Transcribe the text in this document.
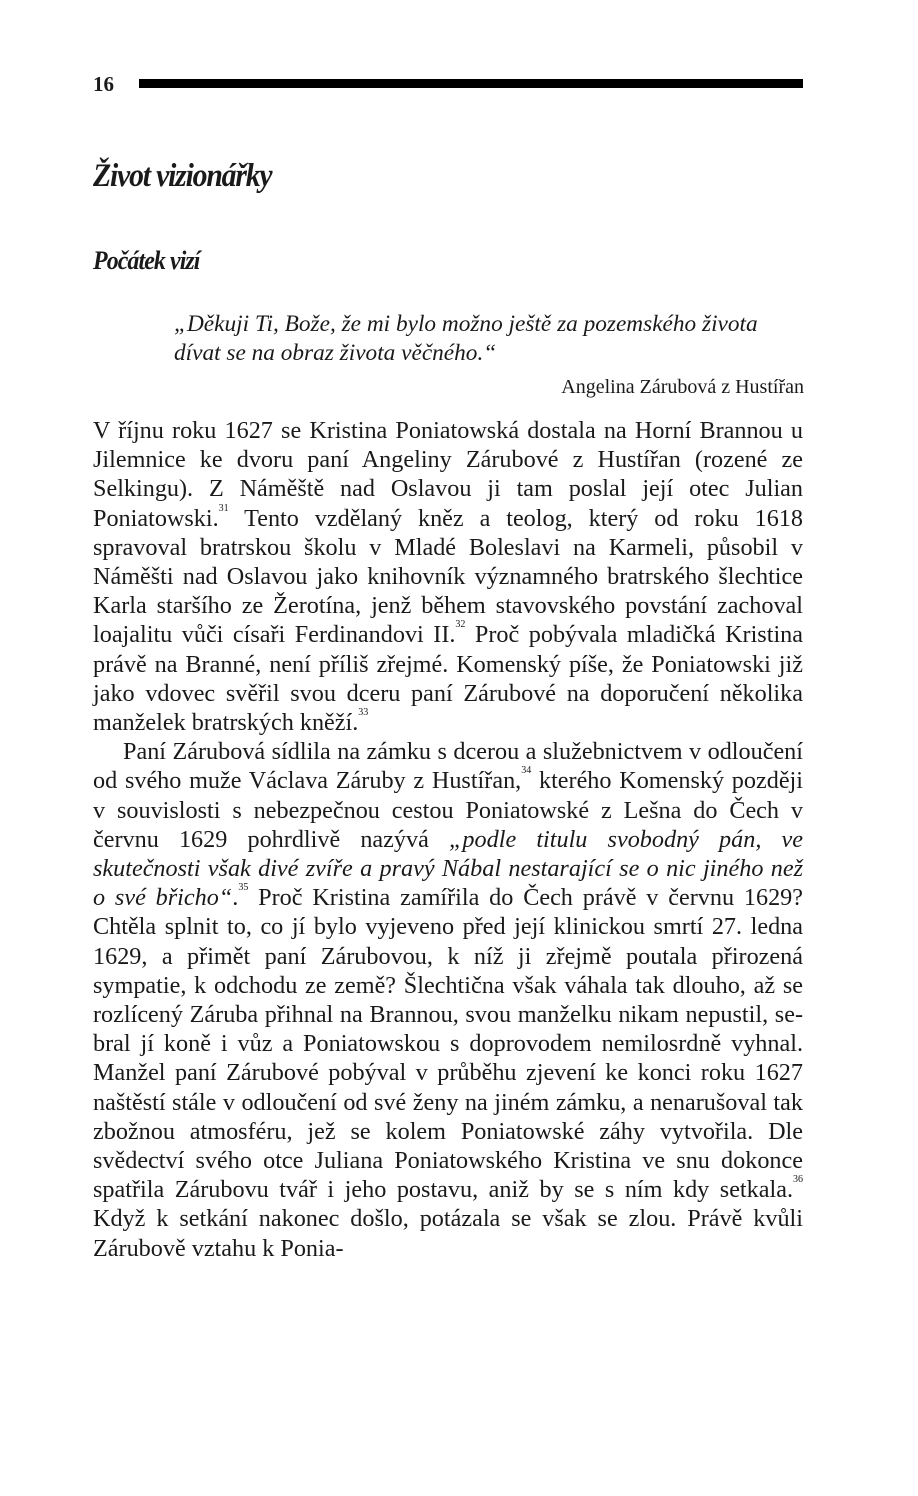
16
Život vizionářky
Počátek vizí

„Děkuji Ti, Bože, že mi bylo možno ještě za pozemského života dívat se na obraz života věčného.“

Angelina Zárubová z Hustířan

V říjnu roku 1627 se Kristina Poniatowská dostala na Horní Brannou u Jilemnice ke dvoru paní Angeliny Zárubové z Hustířan (rozené ze Selkingu). Z Náměště nad Oslavou ji tam poslal její otec Julian Poniatowski.$^{31}$ Tento vzdělaný kněz a teolog, který od roku 1618 spravoval bratrskou školu v Mladé Boleslavi na Karmeli, působil v Náměšti nad Oslavou jako knihovník významného bratrského šlechtice Karla staršího ze Žerotína, jenž během stavovského povstání zachoval loajalitu vůči císaři Ferdinandovi II.$^{32}$ Proč pobývala mladičká Kristina právě na Branné, není příliš zřejmé. Komenský píše, že Poniatowski již jako vdovec svěřil svou dceru paní Zárubové na doporučení několika manželek bratrských kněží.$^{33}$

Paní Zárubová sídlila na zámku s dcerou a služebnictvem v odloučení od svého muže Václava Záruby z Hustířan,$^{34}$ kterého Komenský později v souvislosti s nebezpečnou cestou Poniatowské z Lešna do Čech v červnu 1629 pohrdlivě nazývá „podle titulu svobodný pán, ve skutečnosti však divé zvíře a pravý Nábal nestarající se o nic jiného než o své břicho“.$^{35}$ Proč Kristina zamířila do Čech právě v červnu 1629? Chtěla splnit to, co jí bylo vyjeveno před její klinickou smrtí 27. ledna 1629, a přimět paní Zárubovou, k níž ji zřejmě poutala přirozená sympatie, k odchodu ze země? Šlechtična však váhala tak dlouho, až se rozlícený Záruba přihnal na Brannou, svou manželku nikam nepustil, sebral jí koně i vůz a Poniatowskou s doprovodem nemilosrdně vyhnal. Manžel paní Zárubové pobýval v průběhu zjevení ke konci roku 1627 naštěstí stále v odloučení od své ženy na jiném zámku, a nenarušoval tak zbožnou atmosféru, jež se kolem Poniatowské záhy vytvořila. Dle svědectví svého otce Juliana Poniatowského Kristina ve snu dokonce spatřila Zárubovu tvář i jeho postavu, aniž by se s ním kdy setkala.$^{36}$ Když k setkání nakonec došlo, potázala se však se zlou. Právě kvůli Zárubově vztahu k Ponia-
